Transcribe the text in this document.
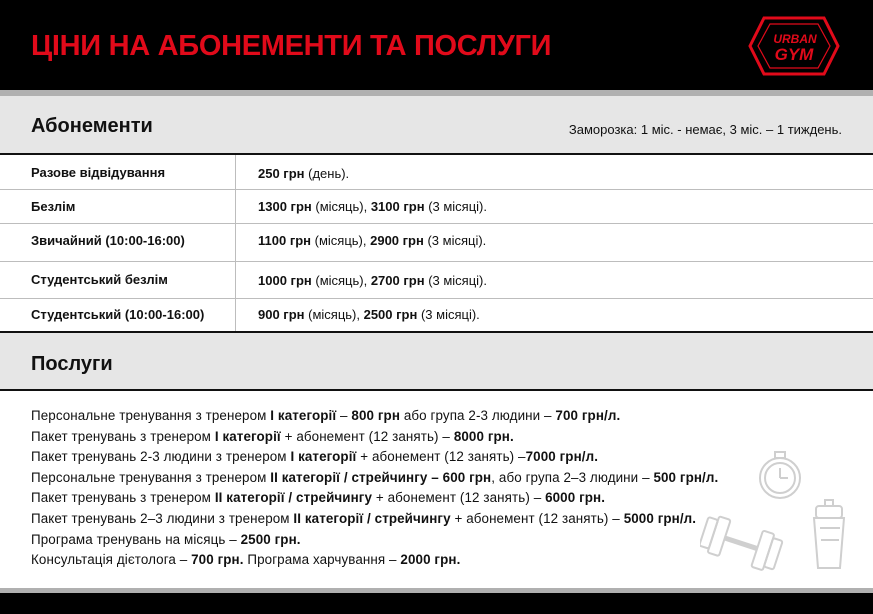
ЦІНИ НА АБОНЕМЕНТИ ТА ПОСЛУГИ	URBAN
GYM
Абонементи	Заморозка: 1 міс. - немає, 3 міс. – 1 тиждень.
Разове відвідування	250 грн (день).
Безлім	1300 грн (місяць), 3100 грн (3 місяці).
Звичайний (10:00-16:00)	1100 грн (місяць), 2900 грн (3 місяці).
Студентський безлім	1000 грн (місяць), 2700 грн (3 місяці).
Студентський (10:00-16:00)	900 грн (місяць), 2500 грн (3 місяці).
Послуги
Персональне тренування з тренером І категорії – 800 грн або група 2-3 людини – 700 грн/л.
Пакет тренувань з тренером І категорії + абонемент (12 занять) – 8000 грн.
Пакет тренувань 2-3 людини з тренером І категорії + абонемент (12 занять) –7000 грн/л.
Персональне тренування з тренером ІІ категорії / стрейчингу – 600 грн, або група 2–3 людини – 500 грн/л.
Пакет тренувань з тренером ІІ категорії / стрейчингу + абонемент (12 занять) – 6000 грн.
Пакет тренувань 2–3 людини з тренером ІІ категорії / стрейчингу + абонемент (12 занять) – 5000 грн/л.
Програма тренувань на місяць – 2500 грн.
Консультація дієтолога – 700 грн. Програма харчування – 2000 грн.
